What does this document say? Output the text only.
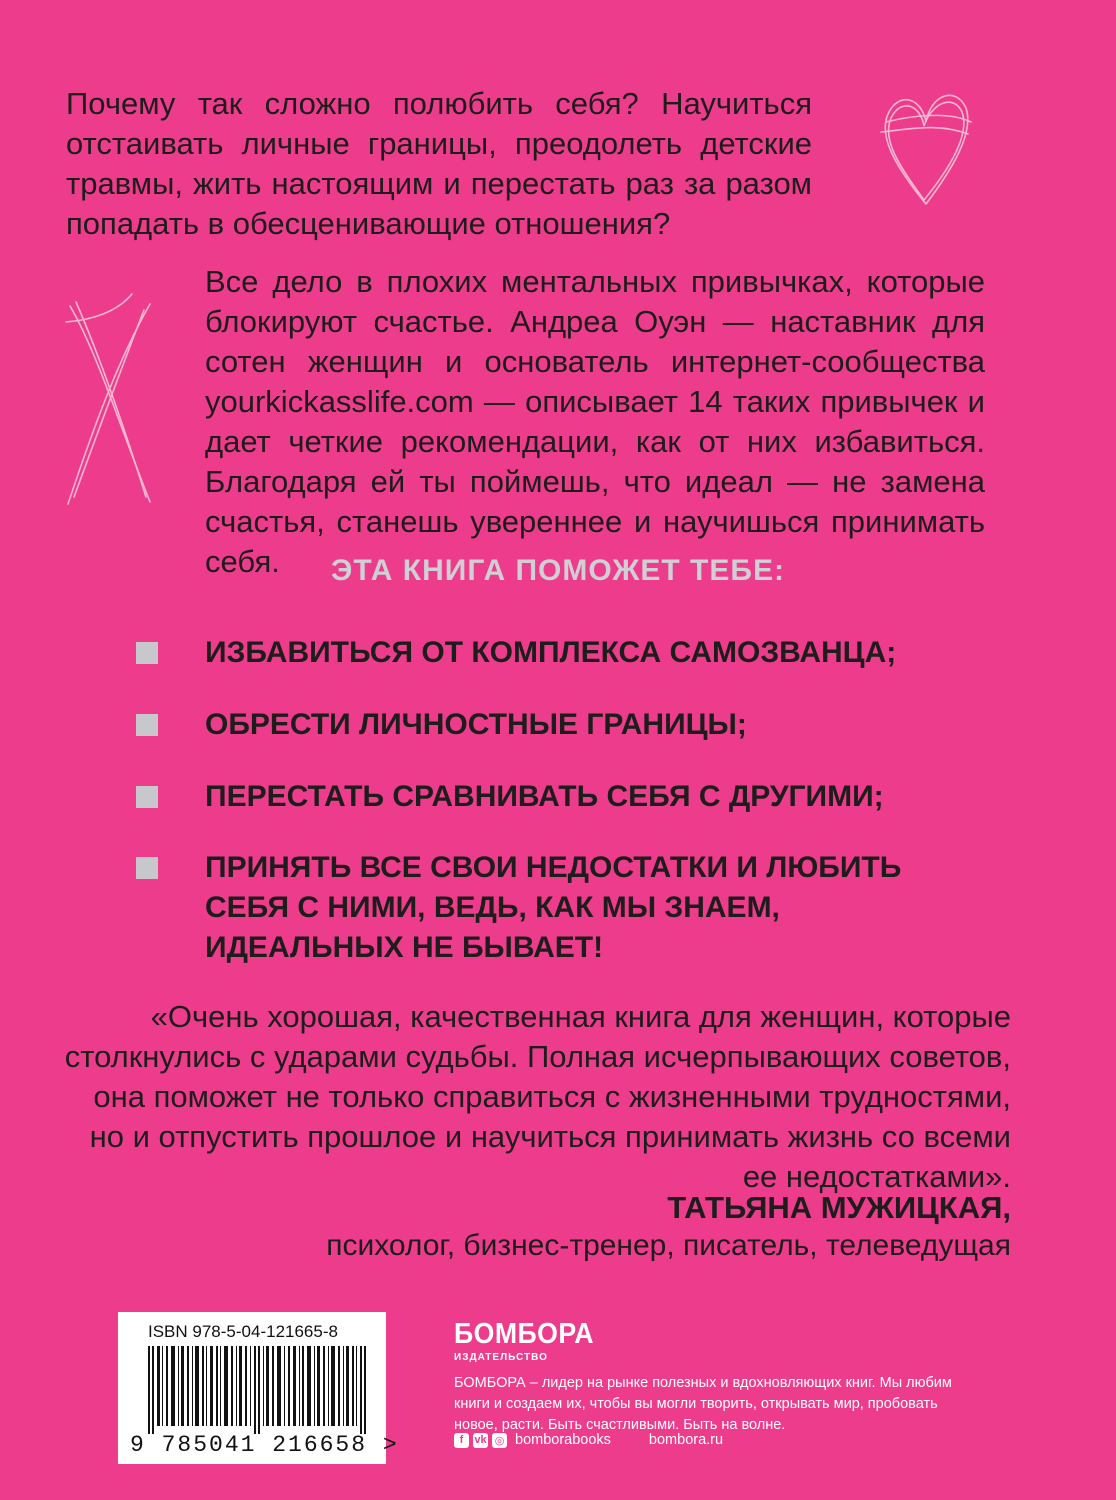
Почему так сложно полюбить себя? Научиться отстаивать личные границы, преодолеть детские травмы, жить настоящим и перестать раз за разом попадать в обесценивающие отношения?

Все дело в плохих ментальных привычках, которые блокируют счастье. Андреа Оуэн — наставник для сотен женщин и основатель интернет-сообщества yourkickasslife.com — описывает 14 таких привычек и дает четкие рекомендации, как от них избавиться. Благодаря ей ты поймешь, что идеал — не замена счастья, станешь увереннее и научишься принимать себя.	ЭТА КНИГА ПОМОЖЕТ ТЕБЕ:

ИЗБАВИТЬСЯ ОТ КОМПЛЕКСА САМОЗВАНЦА;

ОБРЕСТИ ЛИЧНОСТНЫЕ ГРАНИЦЫ;

ПЕРЕСТАТЬ СРАВНИВАТЬ СЕБЯ С ДРУГИМИ;

ПРИНЯТЬ ВСЕ СВОИ НЕДОСТАТКИ И ЛЮБИТЬ СЕБЯ С НИМИ, ВЕДЬ, КАК МЫ ЗНАЕМ, ИДЕАЛЬНЫХ НЕ БЫВАЕТ!

«Очень хорошая, качественная книга для женщин, которые столкнулись с ударами судьбы. Полная исчерпывающих советов, она поможет не только справиться с жизненными трудностями, но и отпустить прошлое и научиться принимать жизнь со всеми ее недостатками».

ТАТЬЯНА МУЖИЦКАЯ,

психолог, бизнес-тренер, писатель, телеведущая

ISBN 978-5-04-121665-8

9 785041 216658 >

БОМБОРА

ИЗДАТЕЛЬСТВО

БОМБОРА – лидер на рынке полезных и вдохновляющих книг. Мы любим книги и создаем их, чтобы вы могли творить, открывать мир, пробовать новое, расти. Быть счастливыми. Быть на волне.

f	vk ◎ bomborabooks	bombora.ru
